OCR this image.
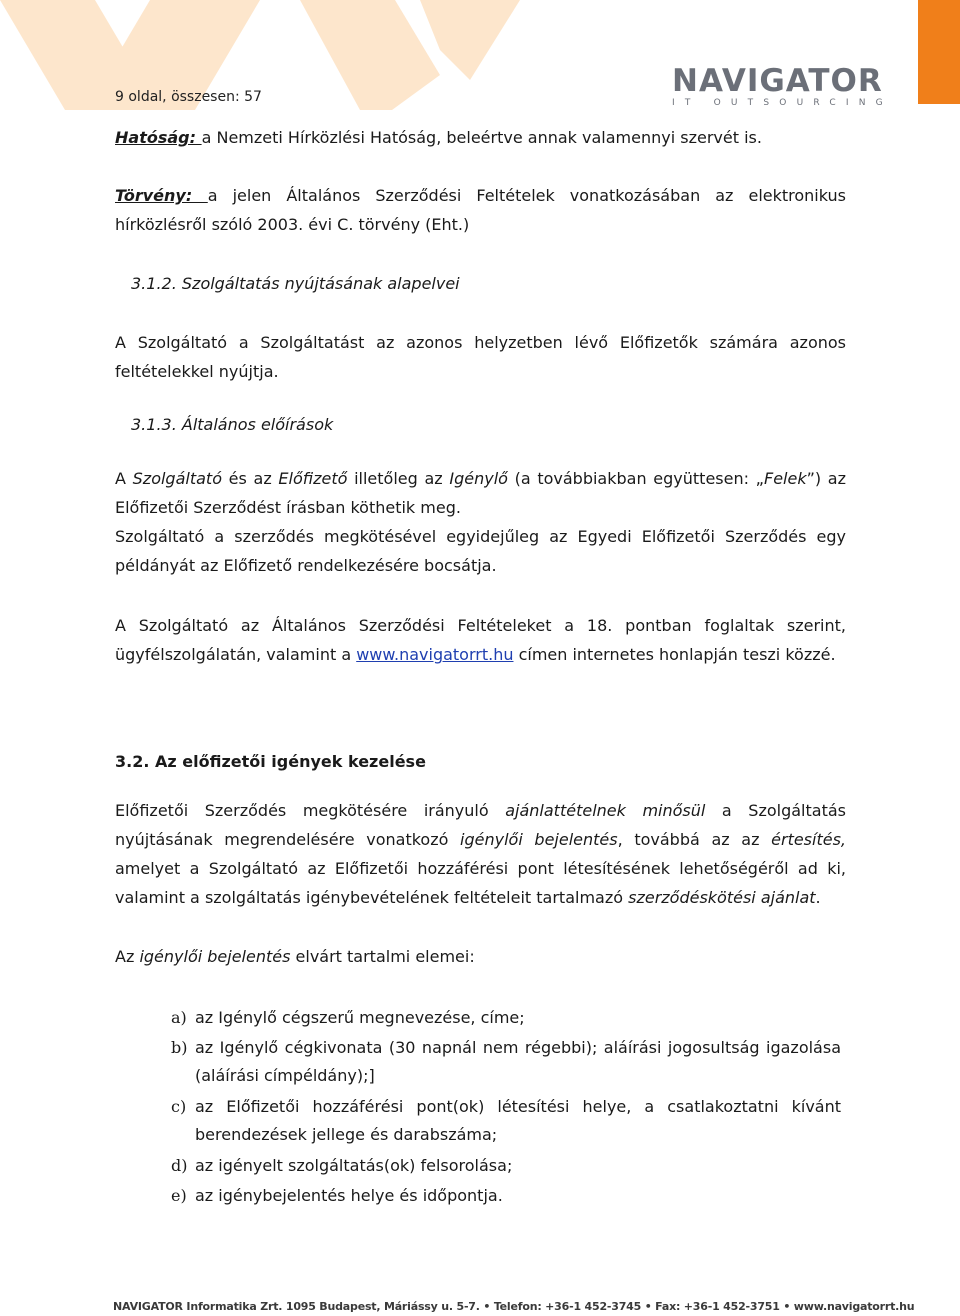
NAVIGATOR
IT OUTSOURCING
9 oldal, összesen: 57

Hatóság: a Nemzeti Hírközlési Hatóság, beleértve annak valamennyi szervét is.

Törvény: a jelen Általános Szerződési Feltételek vonatkozásában az elektronikus hírközlésről szóló 2003. évi C. törvény (Eht.)

3.1.2. Szolgáltatás nyújtásának alapelvei

A Szolgáltató a Szolgáltatást az azonos helyzetben lévő Előfizetők számára azonos feltételekkel nyújtja.

3.1.3. Általános előírások

A Szolgáltató és az Előfizető illetőleg az Igénylő (a továbbiakban együttesen: „Felek”) az Előfizetői Szerződést írásban köthetik meg.

Szolgáltató a szerződés megkötésével egyidejűleg az Egyedi Előfizetői Szerződés egy példányát az Előfizető rendelkezésére bocsátja.

A Szolgáltató az Általános Szerződési Feltételeket a 18. pontban foglaltak szerint, ügyfélszolgálatán, valamint a www.navigatorrt.hu címen internetes honlapján teszi közzé.

3.2. Az előfizetői igények kezelése

Előfizetői Szerződés megkötésére irányuló ajánlattételnek minősül a Szolgáltatás nyújtásának megrendelésére vonatkozó igénylői bejelentés, továbbá az az értesítés, amelyet a Szolgáltató az Előfizetői hozzáférési pont létesítésének lehetőségéről ad ki, valamint a szolgáltatás igénybevételének feltételeit tartalmazó szerződéskötési ajánlat.

Az igénylői bejelentés elvárt tartalmi elemei:

a) az Igénylő cégszerű megnevezése, címe;
b) az Igénylő cégkivonata (30 napnál nem régebbi); aláírási jogosultság igazolása (aláírási címpéldány);]
c) az Előfizetői hozzáférési pont(ok) létesítési helye, a csatlakoztatni kívánt berendezések jellege és darabszáma;
d) az igényelt szolgáltatás(ok) felsorolása;
e) az igénybejelentés helye és időpontja.
NAVIGATOR Informatika Zrt. 1095 Budapest, Máriássy u. 5-7. • Telefon: +36-1 452-3745 • Fax: +36-1 452-3751 • www.navigatorrt.hu
